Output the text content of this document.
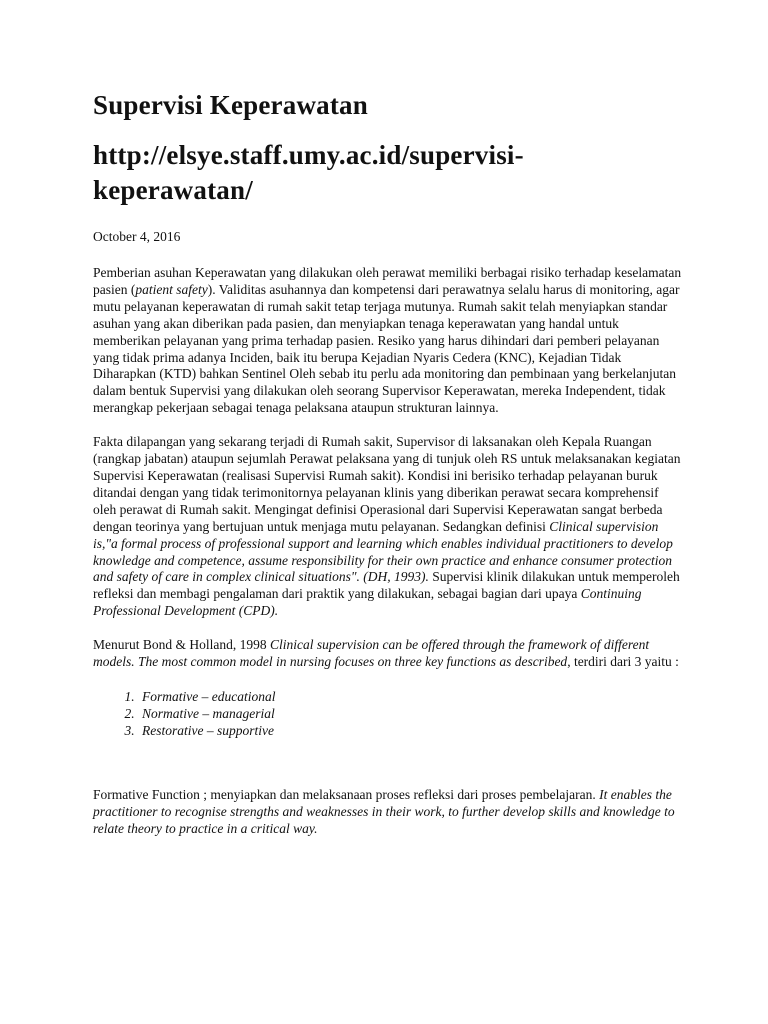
Supervisi Keperawatan
http://elsye.staff.umy.ac.id/supervisi-keperawatan/
October 4, 2016

Pemberian asuhan Keperawatan yang dilakukan oleh perawat memiliki berbagai risiko terhadap keselamatan pasien (patient safety). Validitas asuhannya dan kompetensi dari perawatnya selalu harus di monitoring, agar mutu pelayanan keperawatan di rumah sakit tetap terjaga mutunya. Rumah sakit telah menyiapkan standar asuhan yang akan diberikan pada pasien, dan menyiapkan tenaga keperawatan yang handal untuk memberikan pelayanan yang prima terhadap pasien. Resiko yang harus dihindari dari pemberi pelayanan yang tidak prima adanya Inciden, baik itu berupa Kejadian Nyaris Cedera (KNC), Kejadian Tidak Diharapkan (KTD) bahkan Sentinel Oleh sebab itu perlu ada monitoring dan pembinaan yang berkelanjutan dalam bentuk Supervisi yang dilakukan oleh seorang Supervisor Keperawatan, mereka Independent, tidak merangkap pekerjaan sebagai tenaga pelaksana ataupun strukturan lainnya.

Fakta dilapangan yang sekarang terjadi di Rumah sakit, Supervisor di laksanakan oleh Kepala Ruangan (rangkap jabatan) ataupun sejumlah Perawat pelaksana yang di tunjuk oleh RS untuk melaksanakan kegiatan Supervisi Keperawatan (realisasi Supervisi Rumah sakit). Kondisi ini berisiko terhadap pelayanan buruk ditandai dengan yang tidak terimonitornya pelayanan klinis yang diberikan perawat secara komprehensif oleh perawat di Rumah sakit. Mengingat definisi Operasional dari Supervisi Keperawatan sangat berbeda dengan teorinya yang bertujuan untuk menjaga mutu pelayanan. Sedangkan definisi Clinical supervision is,"a formal process of professional support and learning which enables individual practitioners to develop knowledge and competence, assume responsibility for their own practice and enhance consumer protection and safety of care in complex clinical situations". (DH, 1993). Supervisi klinik dilakukan untuk memperoleh refleksi dan membagi pengalaman dari praktik yang dilakukan, sebagai bagian dari upaya Continuing Professional Development (CPD).

Menurut Bond & Holland, 1998 Clinical supervision can be offered through the framework of different models. The most common model in nursing focuses on three key functions as described, terdiri dari 3 yaitu :

1. Formative – educational
2. Normative – managerial
3. Restorative – supportive

Formative Function ; menyiapkan dan melaksanaan proses refleksi dari proses pembelajaran. It enables the practitioner to recognise strengths and weaknesses in their work, to further develop skills and knowledge to relate theory to practice in a critical way.
